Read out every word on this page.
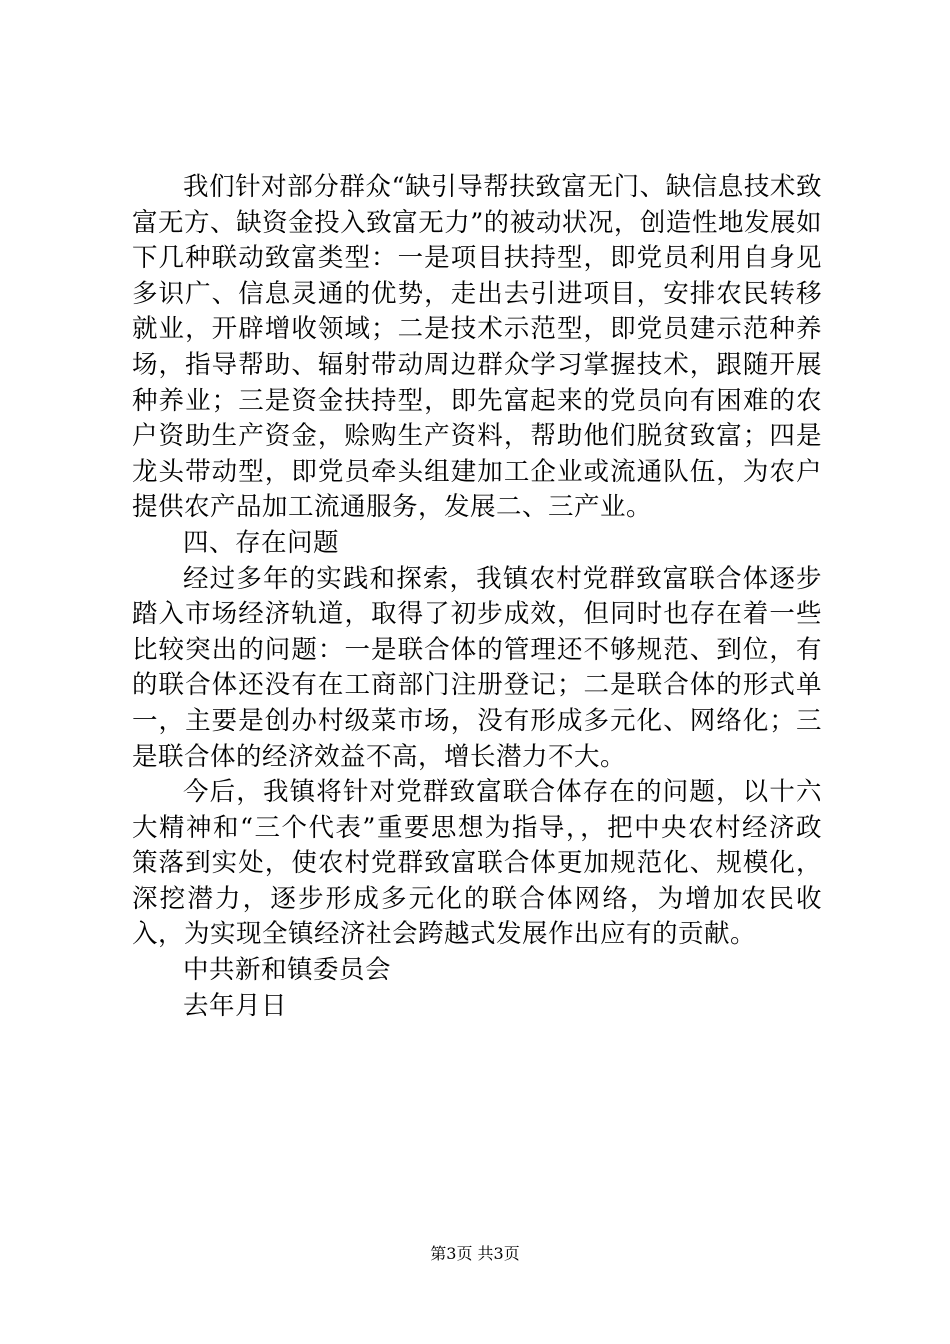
我们针对部分群众“缺引导帮扶致富无门、缺信息技术致富无方、缺资金投入致富无力”的被动状况，创造性地发展如下几种联动致富类型：一是项目扶持型，即党员利用自身见多识广、信息灵通的优势，走出去引进项目，安排农民转移就业，开辟增收领域；二是技术示范型，即党员建示范种养场，指导帮助、辐射带动周边群众学习掌握技术，跟随开展种养业；三是资金扶持型，即先富起来的党员向有困难的农户资助生产资金，赊购生产资料，帮助他们脱贫致富；四是龙头带动型，即党员牵头组建加工企业或流通队伍，为农户提供农产品加工流通服务，发展二、三产业。

四、存在问题

经过多年的实践和探索，我镇农村党群致富联合体逐步踏入市场经济轨道，取得了初步成效，但同时也存在着一些比较突出的问题：一是联合体的管理还不够规范、到位，有的联合体还没有在工商部门注册登记；二是联合体的形式单一，主要是创办村级菜市场，没有形成多元化、网络化；三是联合体的经济效益不高，增长潜力不大。

今后，我镇将针对党群致富联合体存在的问题，以十六大精神和“三个代表”重要思想为指导，，把中央农村经济政策落到实处，使农村党群致富联合体更加规范化、规模化，深挖潜力，逐步形成多元化的联合体网络，为增加农民收入，为实现全镇经济社会跨越式发展作出应有的贡献。

中共新和镇委员会

去年月日

第3页 共3页
